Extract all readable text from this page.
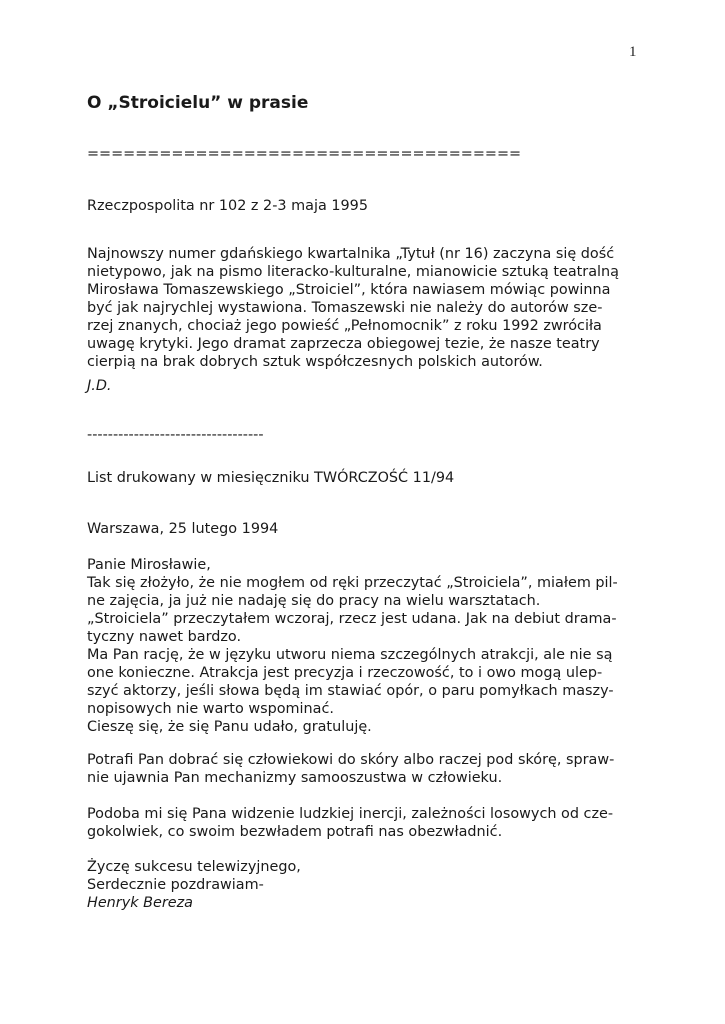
1
O „Stroicielu” w prasie
====================================
Rzeczpospolita nr 102 z 2-3 maja 1995
Najnowszy numer gdańskiego kwartalnika „Tytuł (nr 16) zaczyna się dość
nietypowo, jak na pismo literacko-kulturalne, mianowicie sztuką teatralną
Mirosława Tomaszewskiego „Stroiciel”, która nawiasem mówiąc powinna
być jak najrychlej wystawiona. Tomaszewski nie należy do autorów sze-
rzej znanych, chociaż jego powieść „Pełnomocnik” z roku 1992 zwróciła
uwagę krytyki. Jego dramat zaprzecza obiegowej tezie, że nasze teatry
cierpią na brak dobrych sztuk współczesnych polskich autorów.
J.D.
----------------------------------
List drukowany w miesięczniku TWÓRCZOŚĆ 11/94
Warszawa, 25 lutego 1994
Panie Mirosławie,
Tak się złożyło, że nie mogłem od ręki przeczytać „Stroiciela”, miałem pil-
ne zajęcia, ja już nie nadaję się do pracy na wielu warsztatach.
„Stroiciela” przeczytałem wczoraj, rzecz jest udana. Jak na debiut drama-
tyczny nawet bardzo.
Ma Pan rację, że w języku utworu niema szczególnych atrakcji, ale nie są
one konieczne. Atrakcja jest precyzja i rzeczowość, to i owo mogą ulep-
szyć aktorzy, jeśli słowa będą im stawiać opór, o paru pomyłkach maszy-
nopisowych nie warto wspominać.
Cieszę się, że się Panu udało, gratuluję.
Potrafi Pan dobrać się człowiekowi do skóry albo raczej pod skórę, spraw-
nie ujawnia Pan mechanizmy samooszustwa w człowieku.
Podoba mi się Pana widzenie ludzkiej inercji, zależności losowych od cze-
gokolwiek, co swoim bezwładem potrafi nas obezwładnić.
Życzę sukcesu telewizyjnego,
Serdecznie pozdrawiam-
Henryk Bereza
